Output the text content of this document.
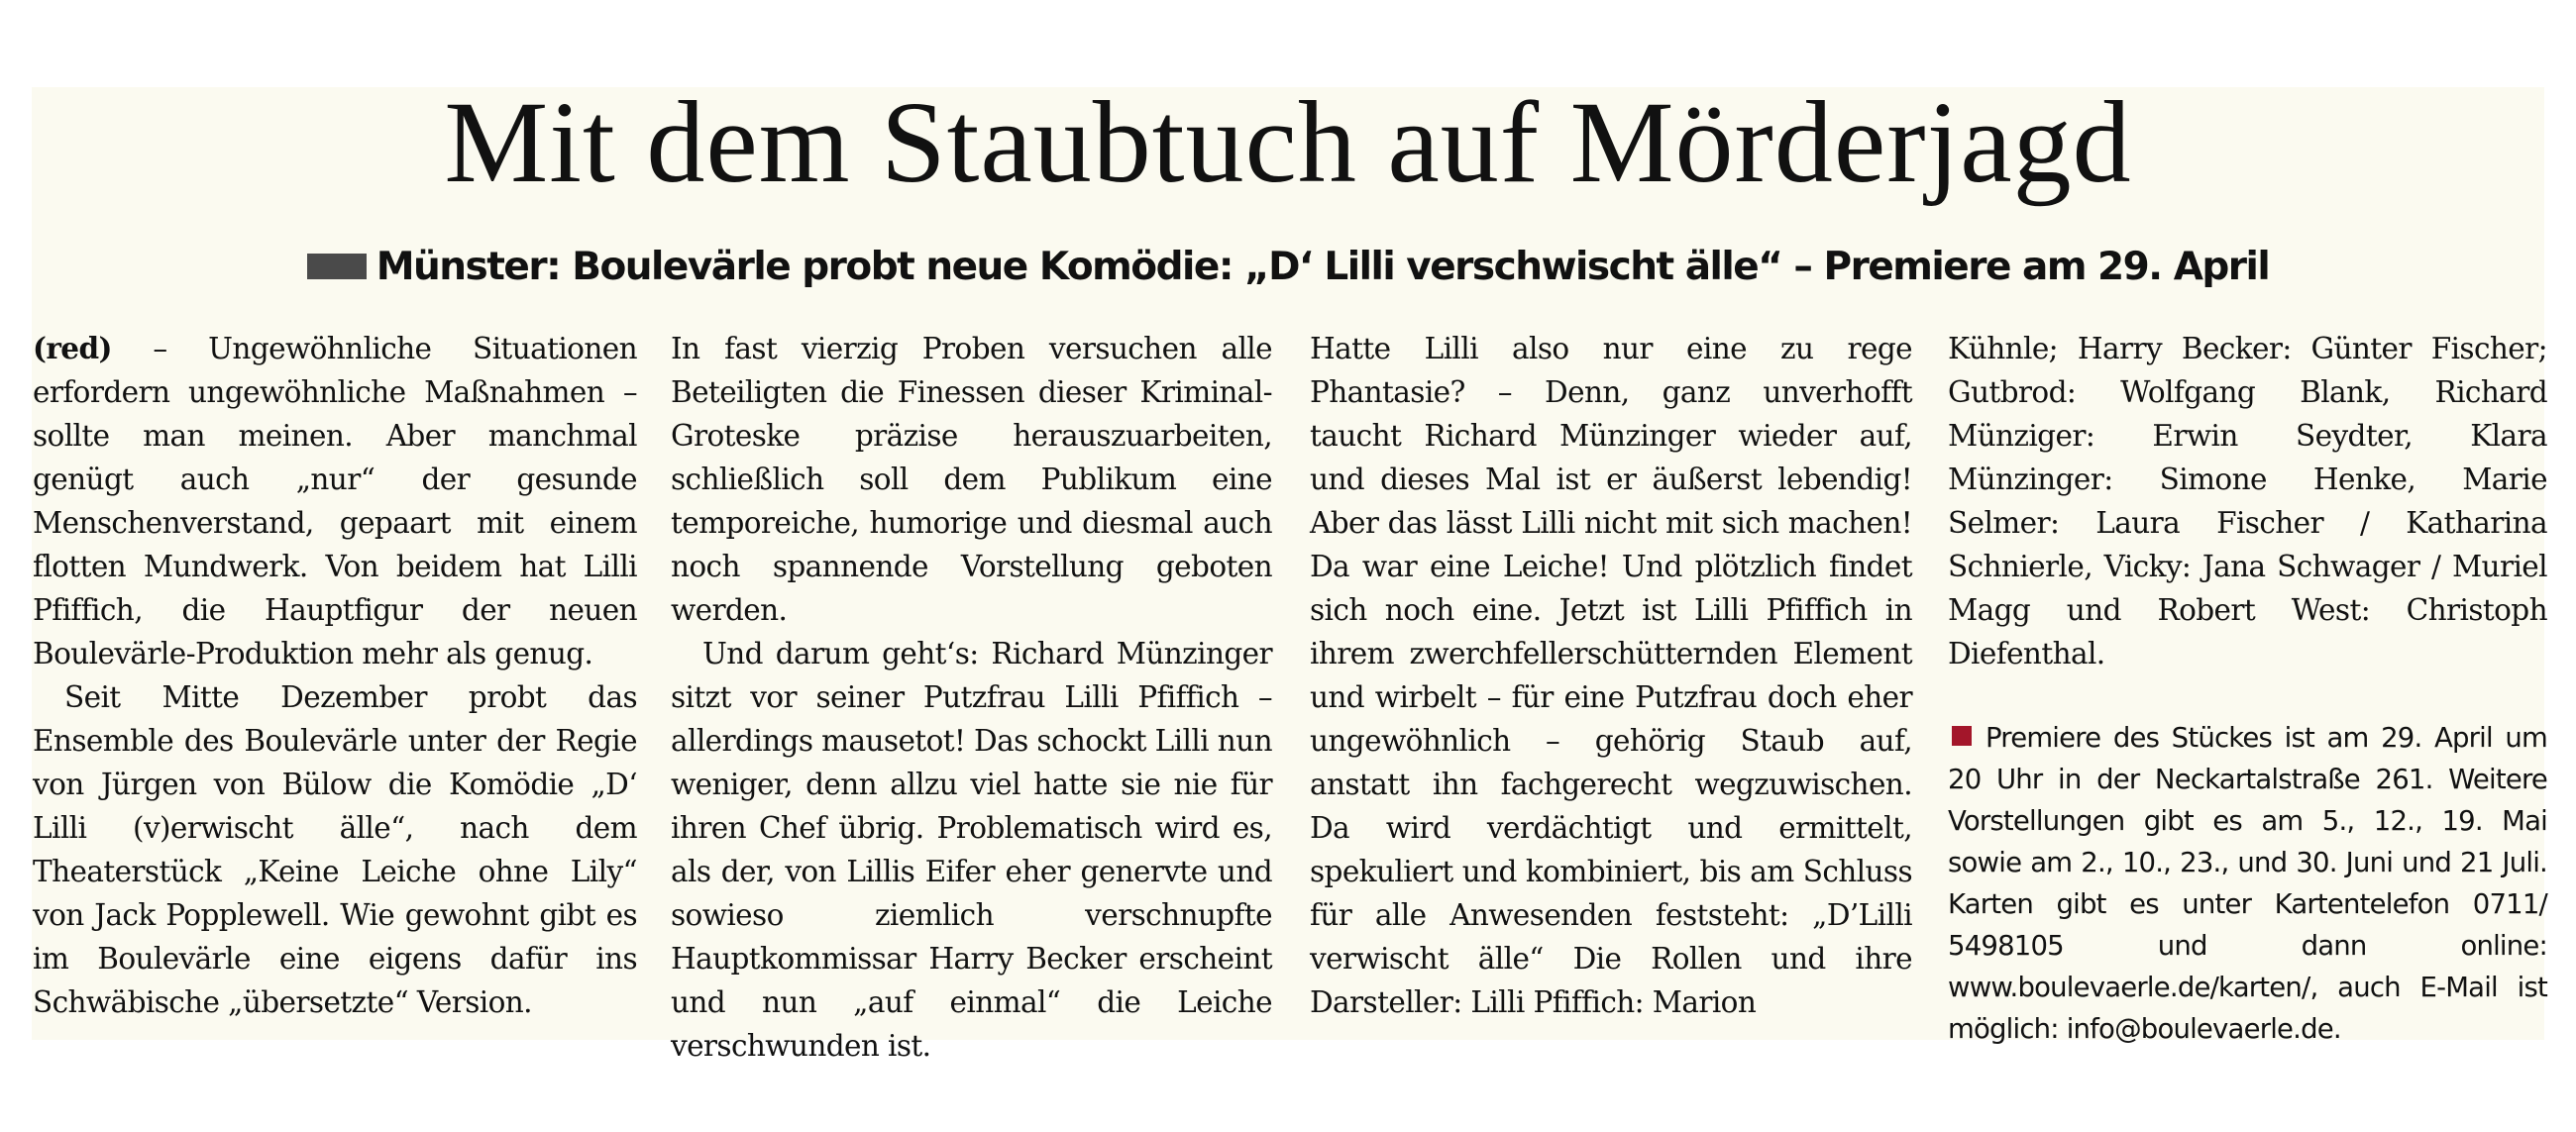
Mit dem Staubtuch auf Mörderjagd
Münster: Boulevärle probt neue Komödie: „D‘ Lilli verschwischt älle“ – Premiere am 29. April

(red) – Ungewöhnliche Situationen erfordern ungewöhnliche Maßnahmen – sollte man meinen. Aber manchmal genügt auch „nur“ der gesunde Menschenverstand, gepaart mit einem flotten Mundwerk. Von beidem hat Lilli Pfiffich, die Hauptfigur der neuen Boulevärle-Produktion mehr als genug.

Seit Mitte Dezember probt das Ensemble des Boulevärle unter der Regie von Jürgen von Bülow die Komödie „D‘ Lilli (v)erwischt älle“, nach dem Theaterstück „Keine Leiche ohne Lily“ von Jack Popplewell. Wie gewohnt gibt es im Boulevärle eine eigens dafür ins Schwäbische „übersetzte“ Version.

In fast vierzig Proben versuchen alle Beteiligten die Finessen dieser Kriminal-Groteske präzise herauszuarbeiten, schließlich soll dem Publikum eine temporeiche, humorige und diesmal auch noch spannende Vorstellung geboten werden.

Und darum geht‘s: Richard Münzinger sitzt vor seiner Putzfrau Lilli Pfiffich – allerdings mausetot! Das schockt Lilli nun weniger, denn allzu viel hatte sie nie für ihren Chef übrig. Problematisch wird es, als der, von Lillis Eifer eher genervte und sowieso ziemlich verschnupfte Hauptkommissar Harry Becker erscheint und nun „auf einmal“ die Leiche verschwunden ist.

Hatte Lilli also nur eine zu rege Phantasie? – Denn, ganz unverhofft taucht Richard Münzinger wieder auf, und dieses Mal ist er äußerst lebendig! Aber das lässt Lilli nicht mit sich machen! Da war eine Leiche! Und plötzlich findet sich noch eine. Jetzt ist Lilli Pfiffich in ihrem zwerchfellerschütternden Element und wirbelt – für eine Putzfrau doch eher ungewöhnlich – gehörig Staub auf, anstatt ihn fachgerecht wegzuwischen. Da wird verdächtigt und ermittelt, spekuliert und kombiniert, bis am Schluss für alle Anwesenden feststeht: „D’Lilli verwischt älle“ Die Rollen und ihre Darsteller: Lilli Pfiffich: Marion

Kühnle; Harry Becker: Günter Fischer; Gutbrod: Wolfgang Blank, Richard Münziger: Erwin Seydter, Klara Münzinger: Simone Henke, Marie Selmer: Laura Fischer / Katharina Schnierle, Vicky: Jana Schwager / Muriel Magg und Robert West: Christoph Diefenthal.

Premiere des Stückes ist am 29. April um 20 Uhr in der Neckartalstraße 261. Weitere Vorstellungen gibt es am 5., 12., 19. Mai sowie am 2., 10., 23., und 30. Juni und 21 Juli. Karten gibt es unter Kartentelefon 0711/ 5498105 und dann online: www.boulevaerle.de/karten/, auch E-Mail ist möglich: info@boulevaerle.de.
